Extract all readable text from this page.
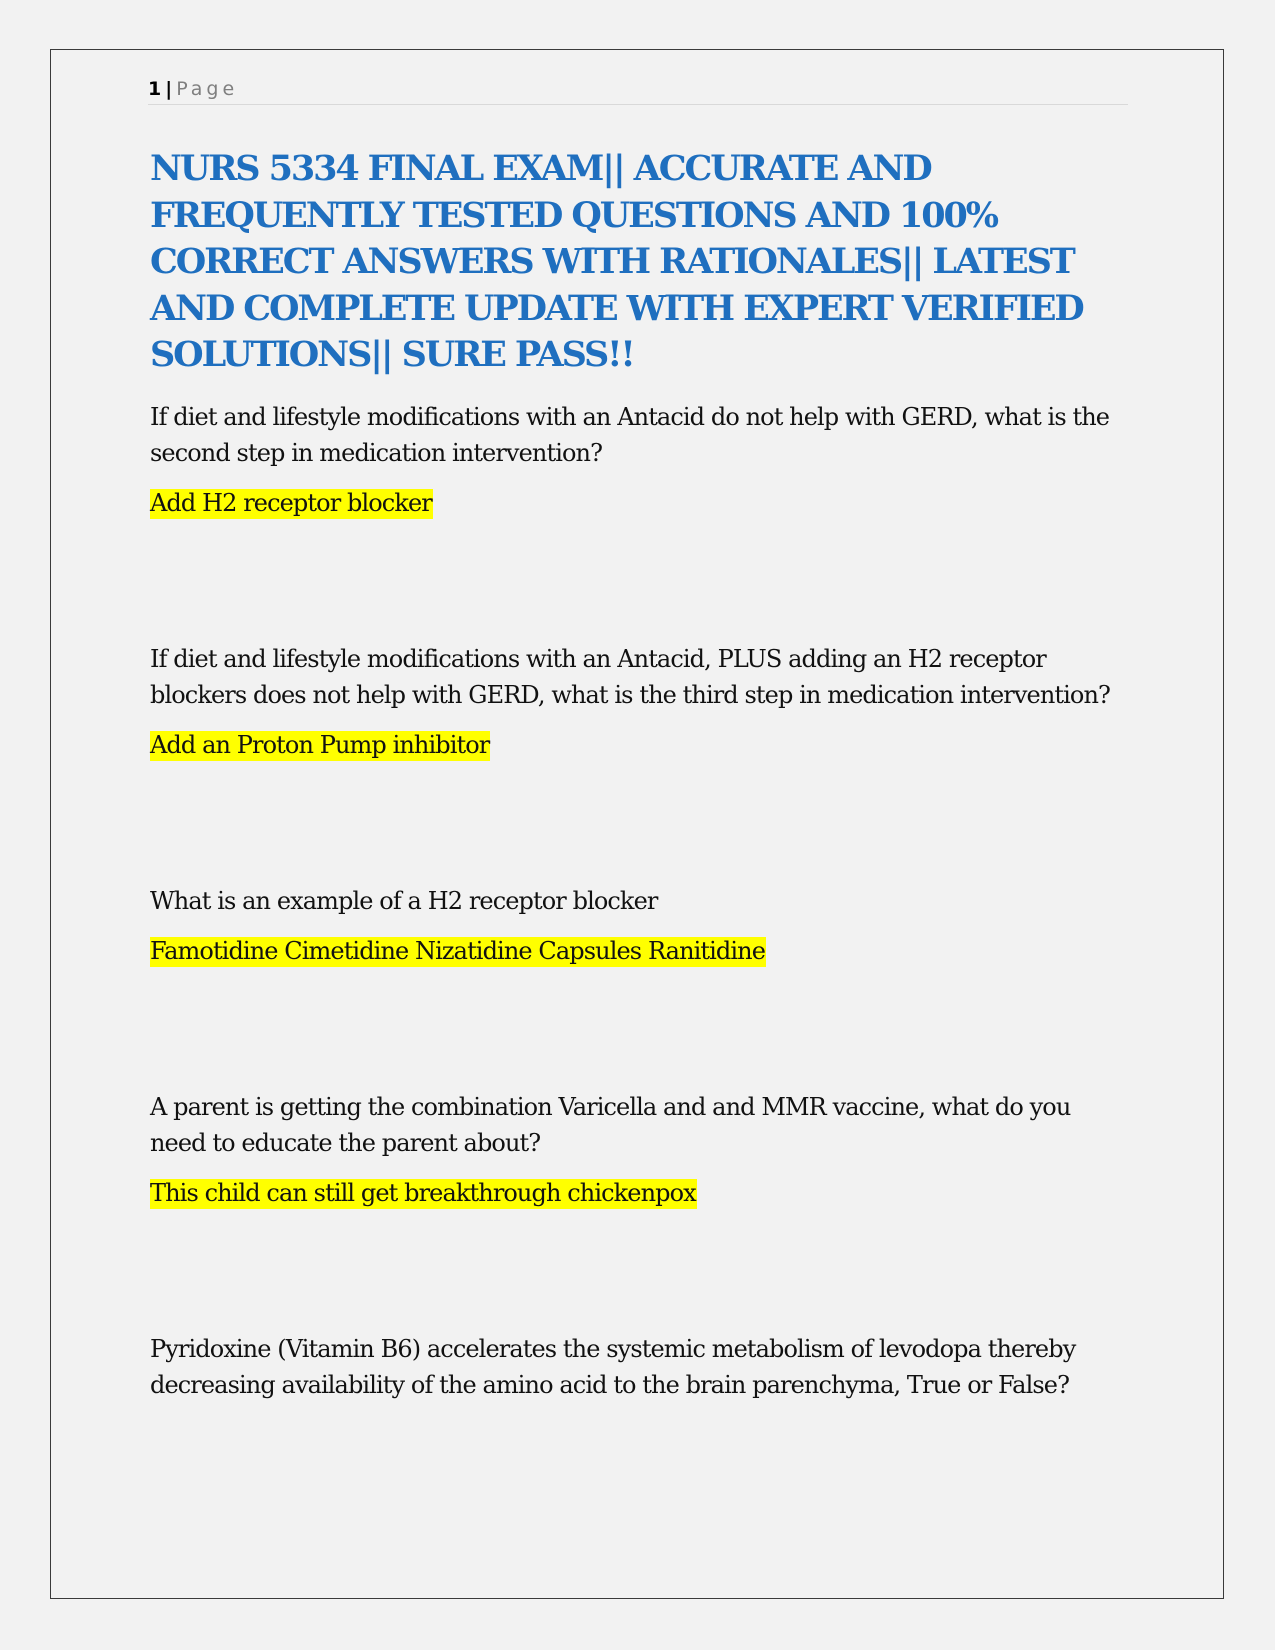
1 | Page
NURS 5334 FINAL EXAM|| ACCURATE AND FREQUENTLY TESTED QUESTIONS AND 100% CORRECT ANSWERS WITH RATIONALES|| LATEST AND COMPLETE UPDATE WITH EXPERT VERIFIED SOLUTIONS|| SURE PASS!!

If diet and lifestyle modifications with an Antacid do not help with GERD, what is the second step in medication intervention?

Add H2 receptor blocker

If diet and lifestyle modifications with an Antacid, PLUS adding an H2 receptor blockers does not help with GERD, what is the third step in medication intervention?

Add an Proton Pump inhibitor

What is an example of a H2 receptor blocker

Famotidine Cimetidine Nizatidine Capsules Ranitidine

A parent is getting the combination Varicella and and MMR vaccine, what do you need to educate the parent about?

This child can still get breakthrough chickenpox

Pyridoxine (Vitamin B6) accelerates the systemic metabolism of levodopa thereby decreasing availability of the amino acid to the brain parenchyma, True or False?
